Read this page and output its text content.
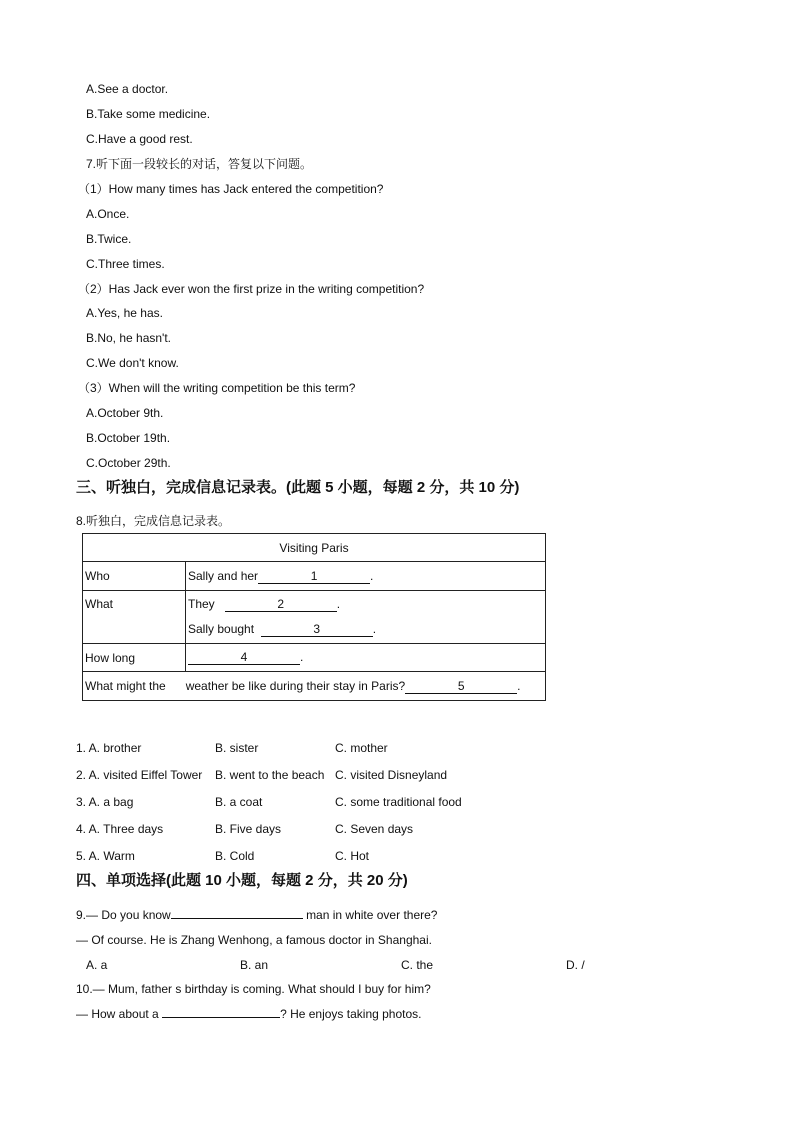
A.See a doctor.
B.Take some medicine.
C.Have a good rest.
7.听下面一段较长的对话，答复以下问题。
（1）How many times has Jack entered the competition?
A.Once.
B.Twice.
C.Three times.
（2）Has Jack ever won the first prize in the writing competition?
A.Yes, he has.
B.No, he hasn't.
C.We don't know.
（3）When will the writing competition be this term?
A.October 9th.
B.October 19th.
C.October 29th.
三、听独白，完成信息记录表。(此题 5 小题，每题 2 分，共 10 分)
8.听独白，完成信息记录表。
Visiting Paris	
Who	Sally and her 1 .
What	They 2 .
Sally bought 3 .

How long	4 .
What might the weather be like during their stay in Paris? 5 .	
1. A. brother	B. sister	C. mother
2. A. visited Eiffel Tower B. went to the beach C. visited Disneyland
3. A. a bag	B. a coat	C. some traditional food
4. A. Three days	B. Five days	C. Seven days
5. A. Warm	B. Cold	C. Hot
四、单项选择(此题 10 小题，每题 2 分，共 20 分)
9.— Do you know	man in white over there?
— Of course. He is Zhang Wenhong, a famous doctor in Shanghai.
A. a	B. an	C. the	D. /
10.— Mum, father s birthday is coming. What should I buy for him?
— How about a	? He enjoys taking photos.
